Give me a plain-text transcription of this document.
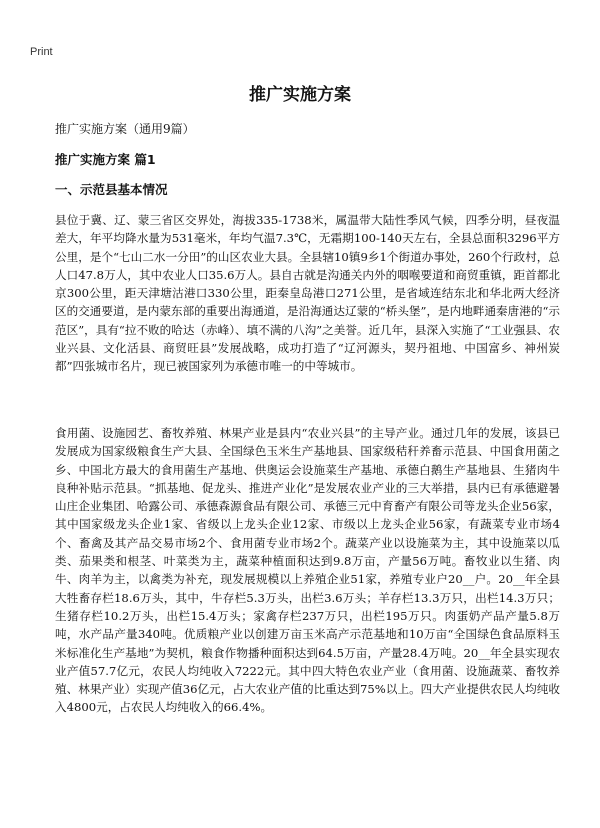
Print
推广实施方案
推广实施方案（通用9篇）
推广实施方案 篇1
一、示范县基本情况
县位于冀、辽、蒙三省区交界处，海拔335-1738米，属温带大陆性季风气候，四季分明，昼夜温差大，年平均降水量为531毫米，年均气温7.3℃，无霜期100-140天左右，全县总面积3296平方公里，是个“七山二水一分田”的山区农业大县。全县辖10镇9乡1个街道办事处，260个行政村，总人口47.8万人，其中农业人口35.6万人。县自古就是沟通关内外的咽喉要道和商贸重镇，距首都北京300公里，距天津塘沽港口330公里，距秦皇岛港口271公里，是省域连结东北和华北两大经济区的交通要道，是内蒙东部的重要出海通道，是沿海通达辽蒙的“桥头堡”，是内地畔通秦唐港的“示范区”，具有“拉不败的哈达（赤峰）、填不满的八沟”之美誉。近几年，县深入实施了“工业强县、农业兴县、文化活县、商贸旺县”发展战略，成功打造了“辽河源头，契丹祖地、中国富乡、神州炭都”四张城市名片，现已被国家列为承德市唯一的中等城市。
食用菌、设施园艺、畜牧养殖、林果产业是县内“农业兴县”的主导产业。通过几年的发展，该县已发展成为国家级粮食生产大县、全国绿色玉米生产基地县、国家级秸秆养畜示范县、中国食用菌之乡、中国北方最大的食用菌生产基地、供奥运会设施菜生产基地、承德白鹅生产基地县、生猪肉牛良种补贴示范县。“抓基地、促龙头、推进产业化”是发展农业产业的三大举措，县内已有承德避暑山庄企业集团、哈露公司、承德森源食品有限公司、承德三元中育畜产有限公司等龙头企业56家，其中国家级龙头企业1家、省级以上龙头企业12家、市级以上龙头企业56家，有蔬菜专业市场4个、畜禽及其产品交易市场2个、食用菌专业市场2个。蔬菜产业以设施菜为主，其中设施菜以瓜类、茄果类和根茎、叶菜类为主，蔬菜种植面积达到9.8万亩，产量56万吨。畜牧业以生猪、肉牛、肉羊为主，以禽类为补充，现发展规模以上养殖企业51家，养殖专业户20__户。20__年全县大牲畜存栏18.6万头，其中，牛存栏5.3万头，出栏3.6万头；羊存栏13.3万只，出栏14.3万只；生猪存栏10.2万头，出栏15.4万头；家禽存栏237万只，出栏195万只。肉蛋奶产品产量5.8万吨，水产品产量340吨。优质粮产业以创建万亩玉米高产示范基地和10万亩“全国绿色食品原料玉米标准化生产基地”为契机，粮食作物播种面积达到64.5万亩，产量28.4万吨。20__年全县实现农业产值57.7亿元，农民人均纯收入7222元。其中四大特色农业产业（食用菌、设施蔬菜、畜牧养殖、林果产业）实现产值36亿元，占大农业产值的比重达到75%以上。四大产业提供农民人均纯收入4800元，占农民人均纯收入的66.4%。
